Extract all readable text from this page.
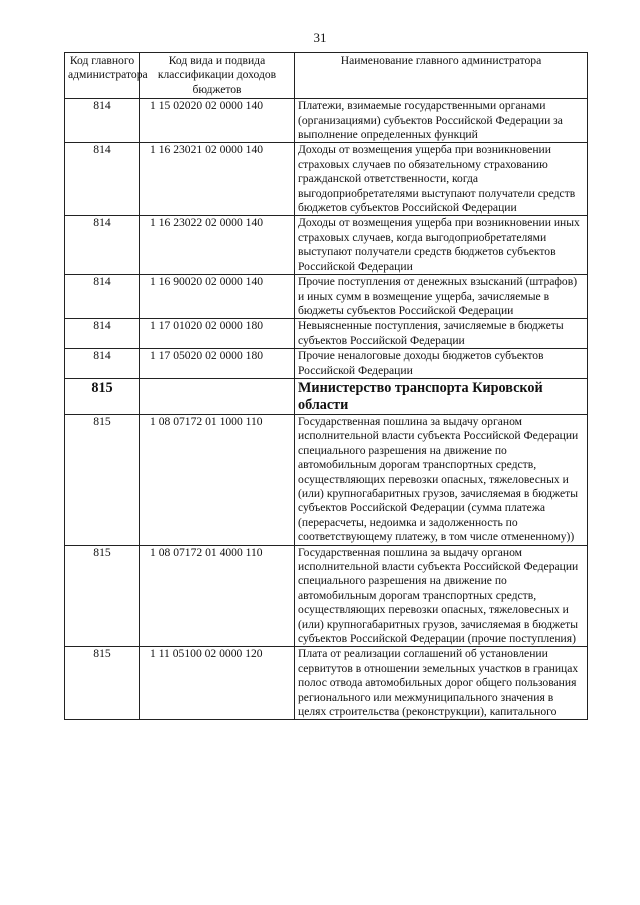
31
Код главного администратора	Код вида и подвида классификации доходов бюджетов	Наименование главного администратора
814	1 15 02020 02 0000 140	Платежи, взимаемые государственными органами (организациями) субъектов Российской Федерации за выполнение определенных функций
814	1 16 23021 02 0000 140	Доходы от возмещения ущерба при возникновении страховых случаев по обязательному страхованию гражданской ответственности, когда выгодоприобретателями выступают получатели средств бюджетов субъектов Российской Федерации
814	1 16 23022 02 0000 140	Доходы от возмещения ущерба при возникновении иных страховых случаев, когда выгодоприобретателями выступают получатели средств бюджетов субъектов Российской Федерации
814	1 16 90020 02 0000 140	Прочие поступления от денежных взысканий (штрафов) и иных сумм в возмещение ущерба, зачисляемые в бюджеты субъектов Российской Федерации
814	1 17 01020 02 0000 180	Невыясненные поступления, зачисляемые в бюджеты субъектов Российской Федерации
814	1 17 05020 02 0000 180	Прочие неналоговые доходы бюджетов субъектов Российской Федерации
815		Министерство транспорта Кировской области
815	1 08 07172 01 1000 110	Государственная пошлина за выдачу органом исполнительной власти субъекта Российской Федерации специального разрешения на движение по автомобильным дорогам транспортных средств, осуществляющих перевозки опасных, тяжеловесных и (или) крупногабаритных грузов, зачисляемая в бюджеты субъектов Российской Федерации (сумма платежа (перерасчеты, недоимка и задолженность по соответствующему платежу, в том числе отмененному))
815	1 08 07172 01 4000 110	Государственная пошлина за выдачу органом исполнительной власти субъекта Российской Федерации специального разрешения на движение по автомобильным дорогам транспортных средств, осуществляющих перевозки опасных, тяжеловесных и (или) крупногабаритных грузов, зачисляемая в бюджеты субъектов Российской Федерации (прочие поступления)
815	1 11 05100 02 0000 120	Плата от реализации соглашений об установлении сервитутов в отношении земельных участков в границах полос отвода автомобильных дорог общего пользования регионального или межмуниципального значения в целях строительства (реконструкции), капитального
